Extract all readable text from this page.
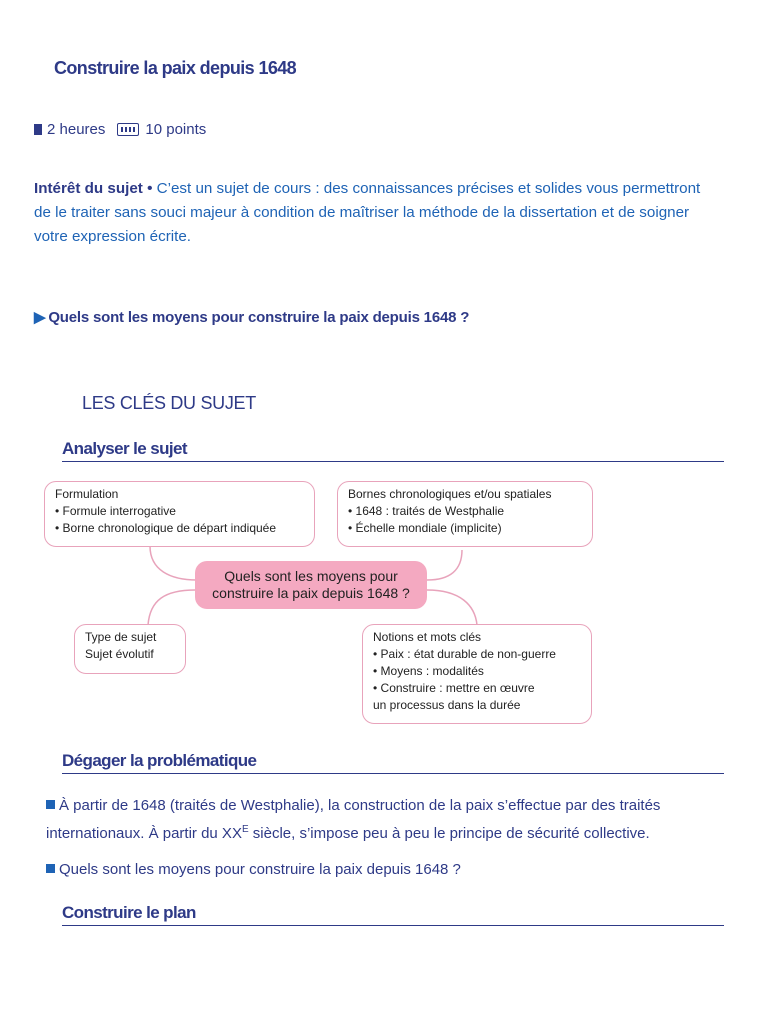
Construire la paix depuis 1648
2 heures	10 points
Intérêt du sujet • C’est un sujet de cours : des connaissances précises et solides vous permettront de le traiter sans souci majeur à condition de maîtriser la méthode de la dissertation et de soigner votre expression écrite.
▶ Quels sont les moyens pour construire la paix depuis 1648 ?
LES CLÉS DU SUJET
Analyser le sujet
Formulation
• Formule interrogative
• Borne chronologique de départ indiquée
Bornes chronologiques et/ou spatiales
• 1648 : traités de Westphalie
• Échelle mondiale (implicite)
Quels sont les moyens pour construire la paix depuis 1648 ?
Type de sujet
Sujet évolutif
Notions et mots clés
• Paix : état durable de non-guerre
• Moyens : modalités
• Construire : mettre en œuvre
un processus dans la durée
Dégager la problématique
À partir de 1648 (traités de Westphalie), la construction de la paix s’effectue par des traités internationaux. À partir du $XX^E$ siècle, s’impose peu à peu le principe de sécurité collective.
Quels sont les moyens pour construire la paix depuis 1648 ?
Construire le plan
